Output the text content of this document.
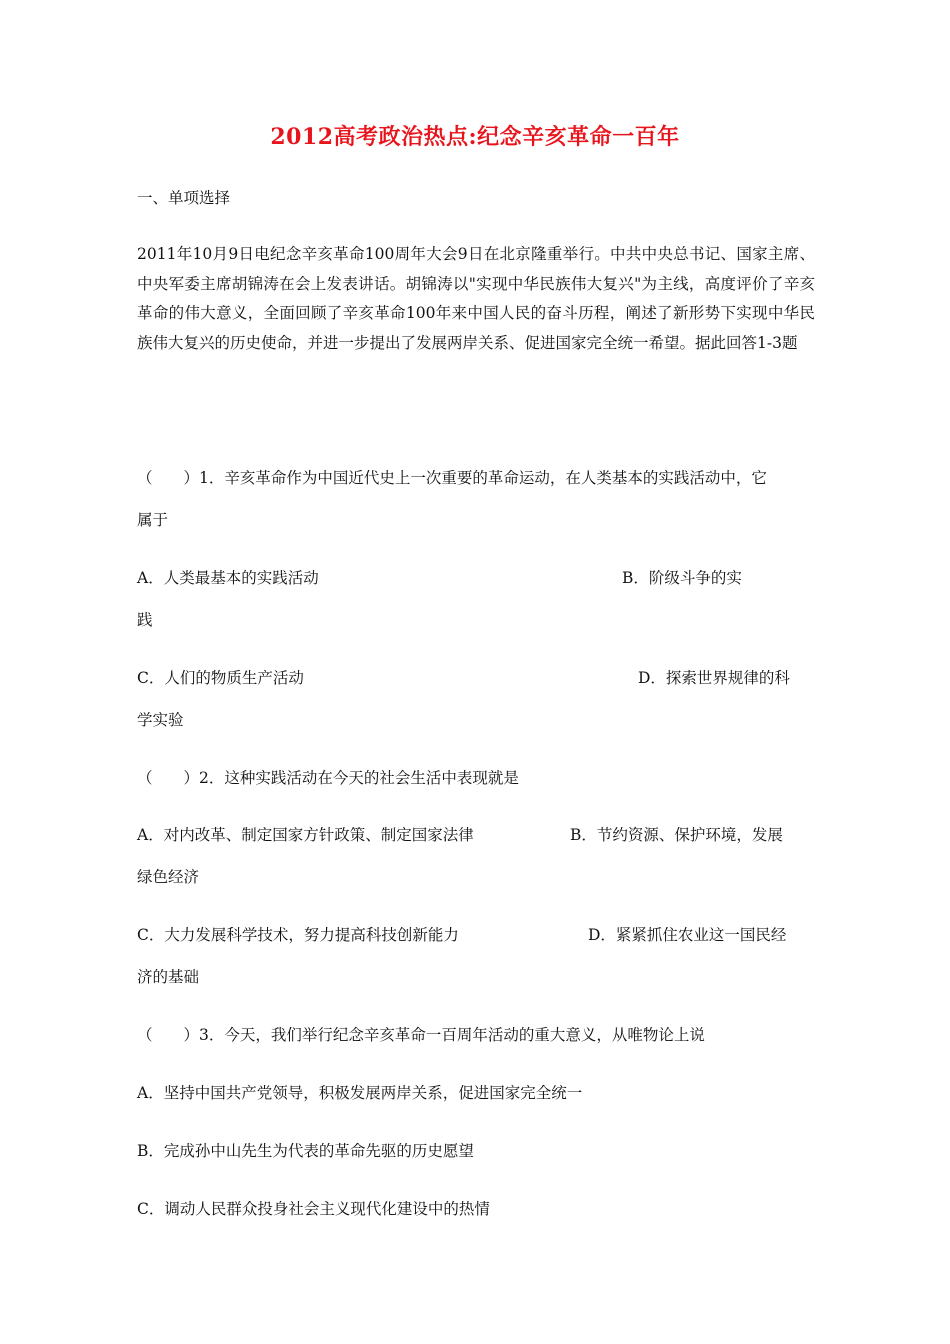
2012高考政治热点:纪念辛亥革命一百年
一、单项选择
2011年10月9日电纪念辛亥革命100周年大会9日在北京隆重举行。中共中央总书记、国家主席、中央军委主席胡锦涛在会上发表讲话。胡锦涛以"实现中华民族伟大复兴"为主线，高度评价了辛亥革命的伟大意义，全面回顾了辛亥革命100年来中国人民的奋斗历程，阐述了新形势下实现中华民族伟大复兴的历史使命，并进一步提出了发展两岸关系、促进国家完全统一希望。据此回答1-3题
（　　）1．辛亥革命作为中国近代史上一次重要的革命运动，在人类基本的实践活动中，它
属于
A．人类最基本的实践活动	B．阶级斗争的实
践
C．人们的物质生产活动	D．探索世界规律的科
学实验
（　　）2．这种实践活动在今天的社会生活中表现就是
A．对内改革、制定国家方针政策、制定国家法律	B．节约资源、保护环境，发展
绿色经济
C．大力发展科学技术，努力提高科技创新能力	D．紧紧抓住农业这一国民经
济的基础
（　　）3．今天，我们举行纪念辛亥革命一百周年活动的重大意义，从唯物论上说
A．坚持中国共产党领导，积极发展两岸关系，促进国家完全统一
B．完成孙中山先生为代表的革命先驱的历史愿望
C．调动人民群众投身社会主义现代化建设中的热情
